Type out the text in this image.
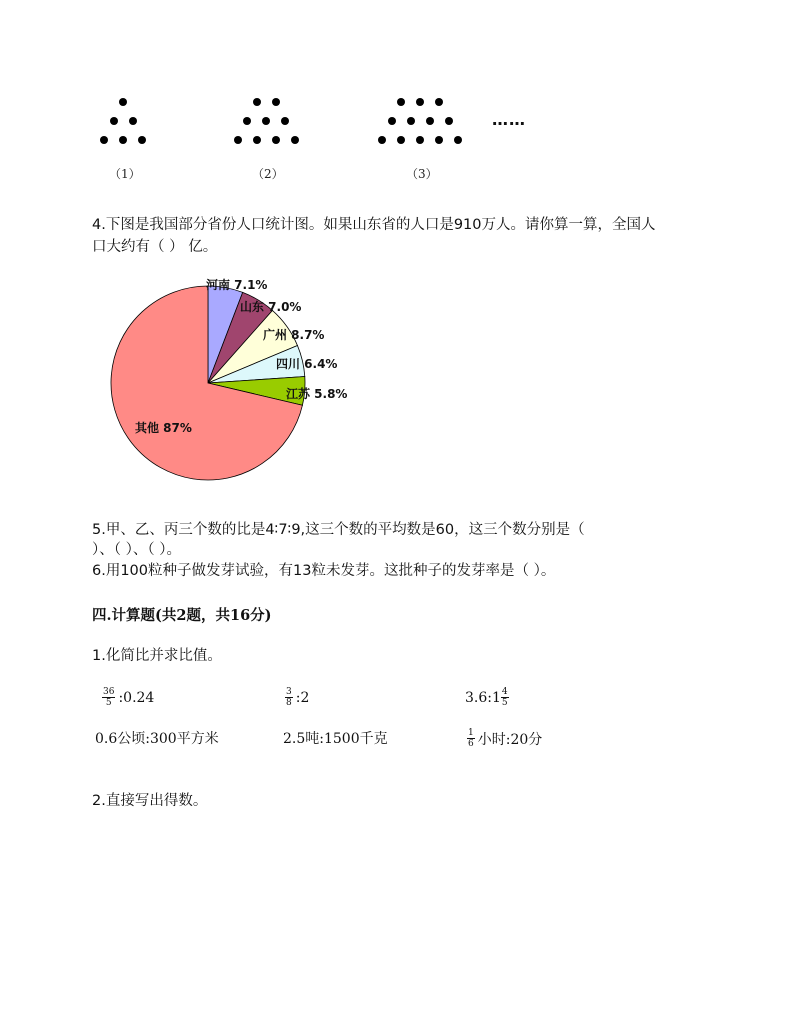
（1）	（2）	（3）
……
4.下图是我国部分省份人口统计图。如果山东省的人口是910万人。请你算一算，全国人
口大约有（ ） 亿。
河南 7.1%
山东 7.0%
广州 8.7%
四川 6.4%
江苏 5.8%
其他 87%
5.甲、乙、丙三个数的比是4∶7∶9,这三个数的平均数是60，这三个数分别是（
）、（ ）、（ ）。
6.用100粒种子做发芽试验，有13粒未发芽。这批种子的发芽率是（ ）。
四.计算题(共2题，共16分)
1.化简比并求比值。
$\frac{36}{5}$ :0.24	$\frac{3}{8}$ :2	3.6:1 $\frac{4}{5}$
0.6公顷:300平方米	2.5吨:1500千克	$\frac{1}{6}$ 小时:20分
2.直接写出得数。
